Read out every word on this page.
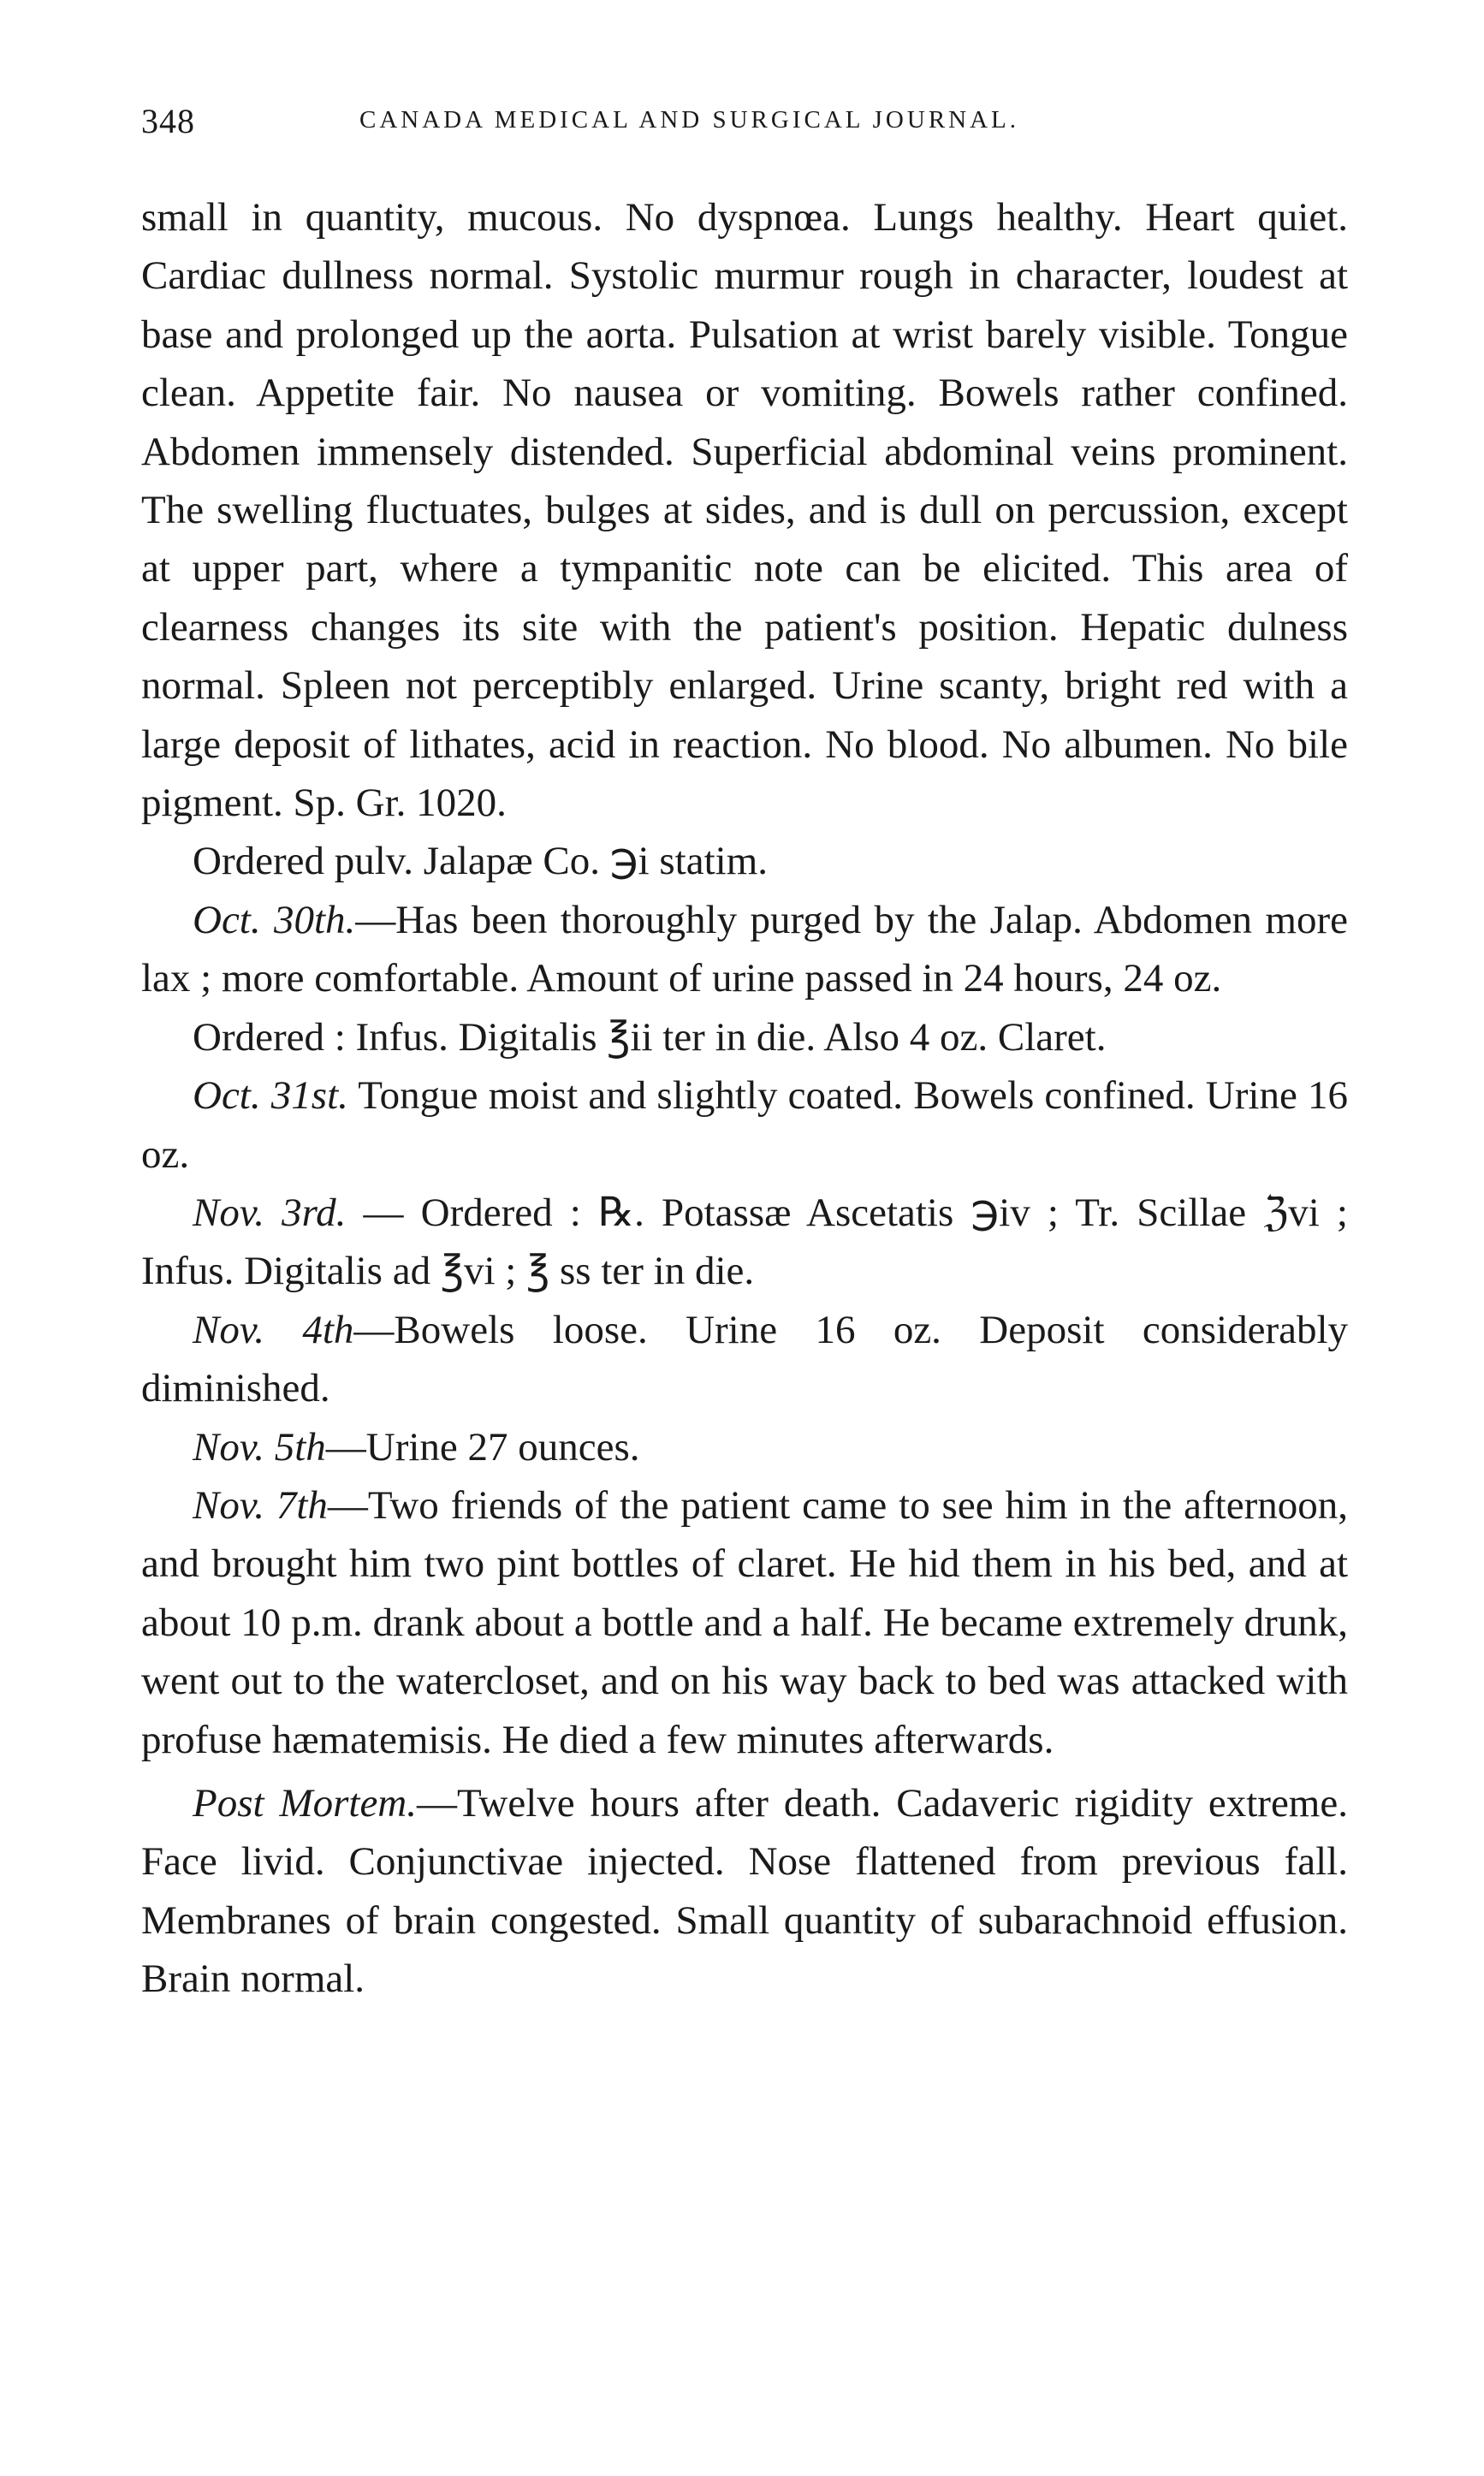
348	CANADA MEDICAL AND SURGICAL JOURNAL.

small in quantity, mucous. No dyspnœa. Lungs healthy. Heart quiet. Cardiac dullness normal. Systolic murmur rough in character, loudest at base and prolonged up the aorta. Pulsation at wrist barely visible. Tongue clean. Appetite fair. No nausea or vomiting. Bowels rather confined. Abdomen immensely distended. Superficial abdominal veins prominent. The swelling fluctuates, bulges at sides, and is dull on percussion, except at upper part, where a tympanitic note can be elicited. This area of clearness changes its site with the patient's position. Hepatic dulness normal. Spleen not perceptibly enlarged. Urine scanty, bright red with a large deposit of lithates, acid in reaction. No blood. No albumen. No bile pigment. Sp. Gr. 1020.

Ordered pulv. Jalapæ Co. ℈i statim.

Oct. 30th.—Has been thoroughly purged by the Jalap. Abdomen more lax ; more comfortable. Amount of urine passed in 24 hours, 24 oz.

Ordered : Infus. Digitalis ℥ii ter in die. Also 4 oz. Claret.

Oct. 31st. Tongue moist and slightly coated. Bowels confined. Urine 16 oz.

Nov. 3rd. — Ordered : ℞. Potassæ Ascetatis ℈iv ; Tr. Scillae ℨvi ; Infus. Digitalis ad ℥vi ; ℥ ss ter in die.

Nov. 4th—Bowels loose. Urine 16 oz. Deposit considerably diminished.

Nov. 5th—Urine 27 ounces.

Nov. 7th—Two friends of the patient came to see him in the afternoon, and brought him two pint bottles of claret. He hid them in his bed, and at about 10 p.m. drank about a bottle and a half. He became extremely drunk, went out to the watercloset, and on his way back to bed was attacked with profuse hæmatemisis. He died a few minutes afterwards.

Post Mortem.—Twelve hours after death. Cadaveric rigidity extreme. Face livid. Conjunctivae injected. Nose flattened from previous fall. Membranes of brain congested. Small quantity of subarachnoid effusion. Brain normal.
